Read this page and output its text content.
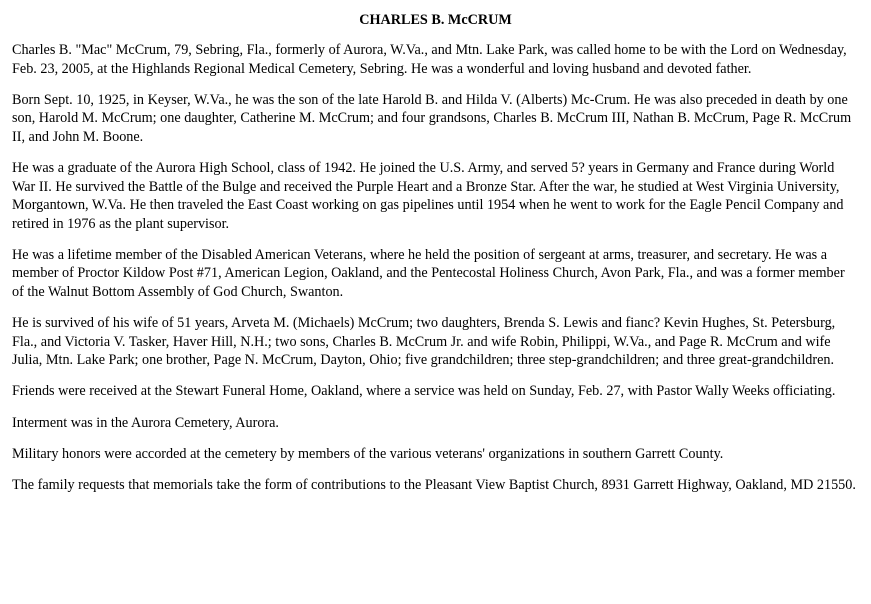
CHARLES B. McCRUM

Charles B. "Mac" McCrum, 79, Sebring, Fla., formerly of Aurora, W.Va., and Mtn. Lake Park, was called home to be with the Lord on Wednesday, Feb. 23, 2005, at the Highlands Regional Medical Cemetery, Sebring. He was a wonderful and loving husband and devoted father.

Born Sept. 10, 1925, in Keyser, W.Va., he was the son of the late Harold B. and Hilda V. (Alberts) Mc-Crum. He was also preceded in death by one son, Harold M. McCrum; one daughter, Catherine M. McCrum; and four grandsons, Charles B. McCrum III, Nathan B. McCrum, Page R. McCrum II, and John M. Boone.

He was a graduate of the Aurora High School, class of 1942. He joined the U.S. Army, and served 5? years in Germany and France during World War II. He survived the Battle of the Bulge and received the Purple Heart and a Bronze Star. After the war, he studied at West Virginia University, Morgantown, W.Va. He then traveled the East Coast working on gas pipelines until 1954 when he went to work for the Eagle Pencil Company and retired in 1976 as the plant supervisor.

He was a lifetime member of the Disabled American Veterans, where he held the position of sergeant at arms, treasurer, and secretary. He was a member of Proctor Kildow Post #71, American Legion, Oakland, and the Pentecostal Holiness Church, Avon Park, Fla., and was a former member of the Walnut Bottom Assembly of God Church, Swanton.

He is survived of his wife of 51 years, Arveta M. (Michaels) McCrum; two daughters, Brenda S. Lewis and fianc? Kevin Hughes, St. Petersburg, Fla., and Victoria V. Tasker, Haver Hill, N.H.; two sons, Charles B. McCrum Jr. and wife Robin, Philippi, W.Va., and Page R. McCrum and wife Julia, Mtn. Lake Park; one brother, Page N. McCrum, Dayton, Ohio; five grandchildren; three step-grandchildren; and three great-grandchildren.

Friends were received at the Stewart Funeral Home, Oakland, where a service was held on Sunday, Feb. 27, with Pastor Wally Weeks officiating.

Interment was in the Aurora Cemetery, Aurora.

Military honors were accorded at the cemetery by members of the various veterans' organizations in southern Garrett County.

The family requests that memorials take the form of contributions to the Pleasant View Baptist Church, 8931 Garrett Highway, Oakland, MD 21550.
